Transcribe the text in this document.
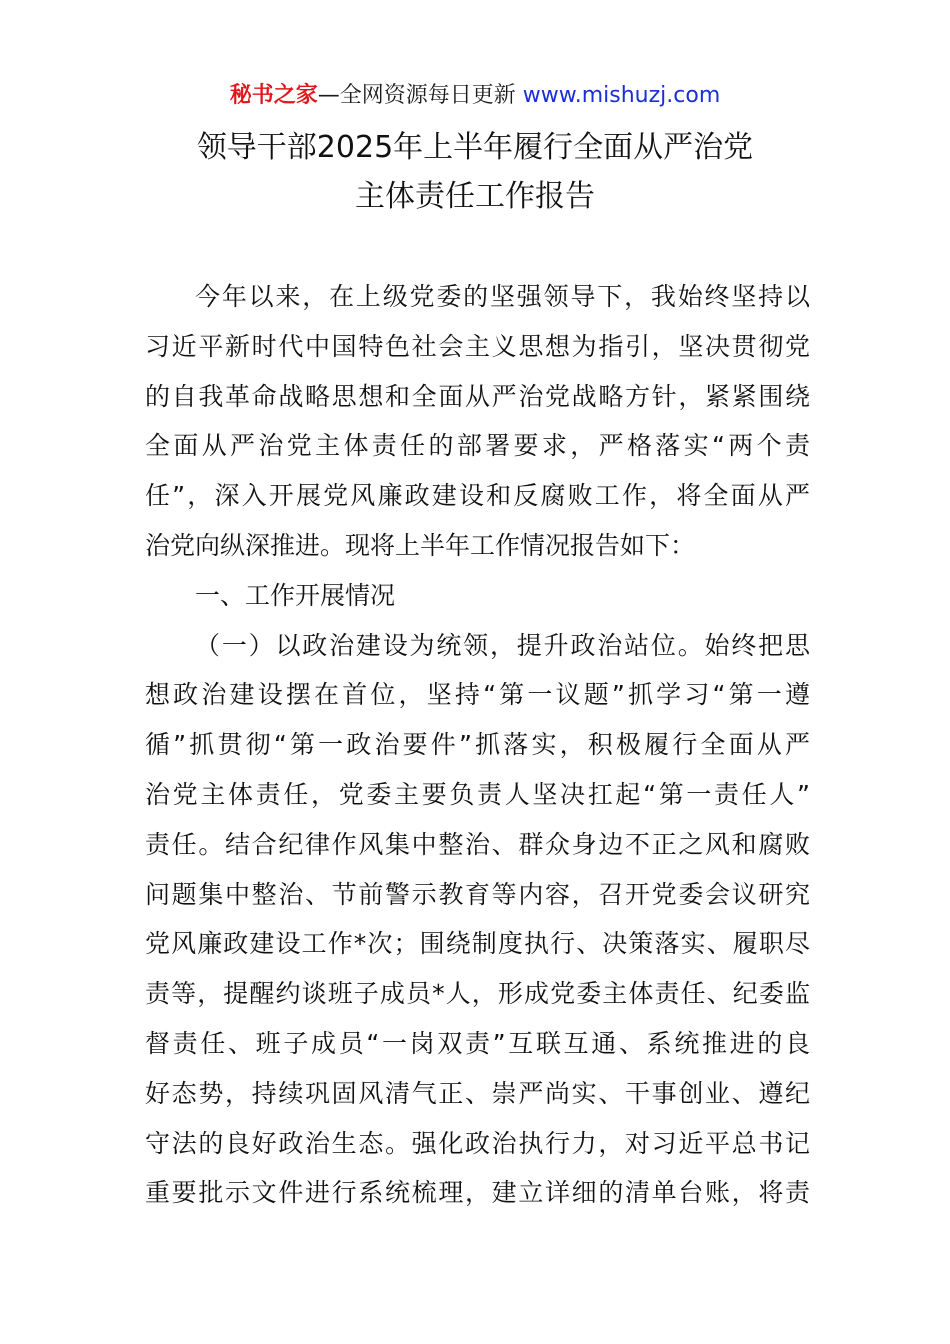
秘书之家—全网资源每日更新 www.mishuzj.com
领导干部2025年上半年履行全面从严治党
主体责任工作报告
今年以来，在上级党委的坚强领导下，我始终坚持以
习近平新时代中国特色社会主义思想为指引，坚决贯彻党
的自我革命战略思想和全面从严治党战略方针，紧紧围绕
全面从严治党主体责任的部署要求，严格落实“两个责
任”，深入开展党风廉政建设和反腐败工作，将全面从严
治党向纵深推进。现将上半年工作情况报告如下：
一、工作开展情况
（一）以政治建设为统领，提升政治站位。始终把思
想政治建设摆在首位，坚持“第一议题”抓学习“第一遵
循”抓贯彻“第一政治要件”抓落实，积极履行全面从严
治党主体责任，党委主要负责人坚决扛起“第一责任人”
责任。结合纪律作风集中整治、群众身边不正之风和腐败
问题集中整治、节前警示教育等内容，召开党委会议研究
党风廉政建设工作*次；围绕制度执行、决策落实、履职尽
责等，提醒约谈班子成员*人，形成党委主体责任、纪委监
督责任、班子成员“一岗双责”互联互通、系统推进的良
好态势，持续巩固风清气正、崇严尚实、干事创业、遵纪
守法的良好政治生态。强化政治执行力，对习近平总书记
重要批示文件进行系统梳理，建立详细的清单台账，将责
